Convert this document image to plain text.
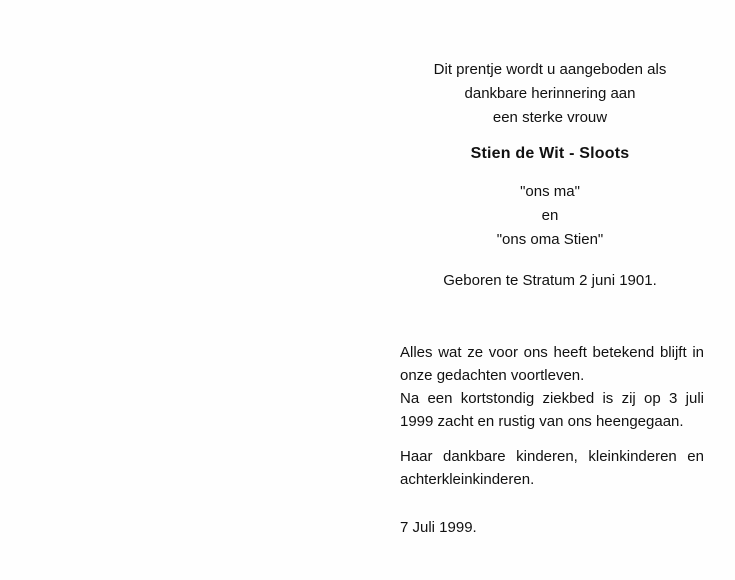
Dit prentje wordt u aangeboden als
dankbare herinnering aan
een sterke vrouw
Stien de Wit - Sloots
"ons ma"
en
"ons oma Stien"
Geboren te Stratum 2 juni 1901.

Alles wat ze voor ons heeft betekend blijft in onze gedachten voortleven.

Na een kortstondig ziekbed is zij op 3 juli 1999 zacht en rustig van ons heengegaan.

Haar dankbare kinderen, kleinkinderen en achterkleinkinderen.

7 Juli 1999.
